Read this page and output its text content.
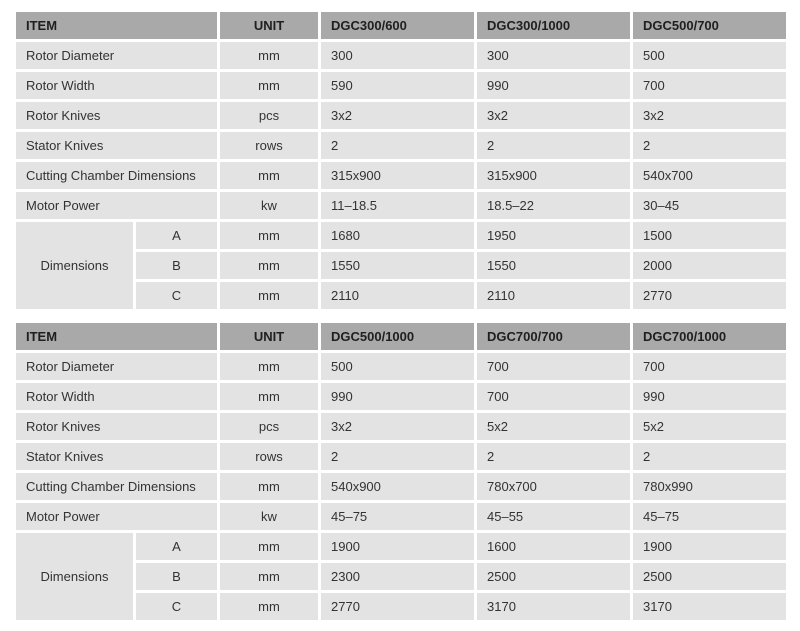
ITEM		UNIT	DGC300/600	DGC300/1000	DGC500/700
Rotor Diameter		mm	300	300	500
Rotor Width		mm	590	990	700
Rotor Knives		pcs	3x2	3x2	3x2
Stator Knives		rows	2	2	2
Cutting Chamber Dimensions		mm	315x900	315x900	540x700
Motor Power		kw	11–18.5	18.5–22	30–45
Dimensions	A	mm	1680	1950	1500
	B	mm	1550	1550	2000
	C	mm	2110	2110	2770
ITEM		UNIT	DGC500/1000	DGC700/700	DGC700/1000
Rotor Diameter		mm	500	700	700
Rotor Width		mm	990	700	990
Rotor Knives		pcs	3x2	5x2	5x2
Stator Knives		rows	2	2	2
Cutting Chamber Dimensions		mm	540x900	780x700	780x990
Motor Power		kw	45–75	45–55	45–75
Dimensions	A	mm	1900	1600	1900
	B	mm	2300	2500	2500
	C	mm	2770	3170	3170
